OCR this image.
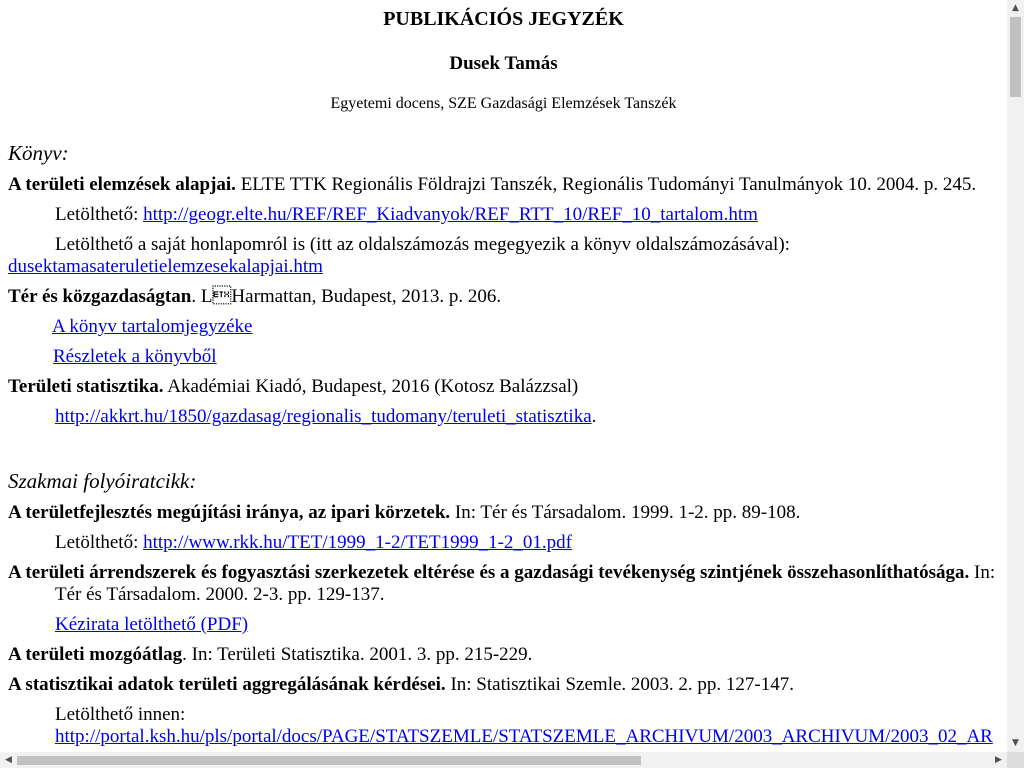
PUBLIKÁCIÓS JEGYZÉK
Dusek Tamás
Egyetemi docens, SZE Gazdasági Elemzések Tanszék
Könyv:
A területi elemzések alapjai. ELTE TTK Regionális Földrajzi Tanszék, Regionális Tudományi Tanulmányok 10. 2004. p. 245.
Letölthető: http://geogr.elte.hu/REF/REF_Kiadvanyok/REF_RTT_10/REF_10_tartalom.htm
Letölthető a saját honlapomról is (itt az oldalszámozás megegyezik a könyv oldalszámozásával):
dusektamasateruletielemzesekalapjai.htm
Tér és közgazdaságtan. LHarmattan, Budapest, 2013. p. 206.
A könyv tartalomjegyzéke
Részletek a könyvből
Területi statisztika. Akadémiai Kiadó, Budapest, 2016 (Kotosz Balázzsal)
http://akkrt.hu/1850/gazdasag/regionalis_tudomany/teruleti_statisztika.
Szakmai folyóiratcikk:
A területfejlesztés megújítási iránya, az ipari körzetek. In: Tér és Társadalom. 1999. 1-2. pp. 89-108.
Letölthető: http://www.rkk.hu/TET/1999_1-2/TET1999_1-2_01.pdf
A területi árrendszerek és fogyasztási szerkezetek eltérése és a gazdasági tevékenység szintjének összehasonlíthatósága. In:
Tér és Társadalom. 2000. 2-3. pp. 129-137.
Kézirata letölthető (PDF)
A területi mozgóátlag. In: Területi Statisztika. 2001. 3. pp. 215-229.
A statisztikai adatok területi aggregálásának kérdései. In: Statisztikai Szemle. 2003. 2. pp. 127-147.
Letölthető innen:
http://portal.ksh.hu/pls/portal/docs/PAGE/STATSZEMLE/STATSZEMLE_ARCHIVUM/2003_ARCHIVUM/2003_02_AR
▲
▼
◀	▶
